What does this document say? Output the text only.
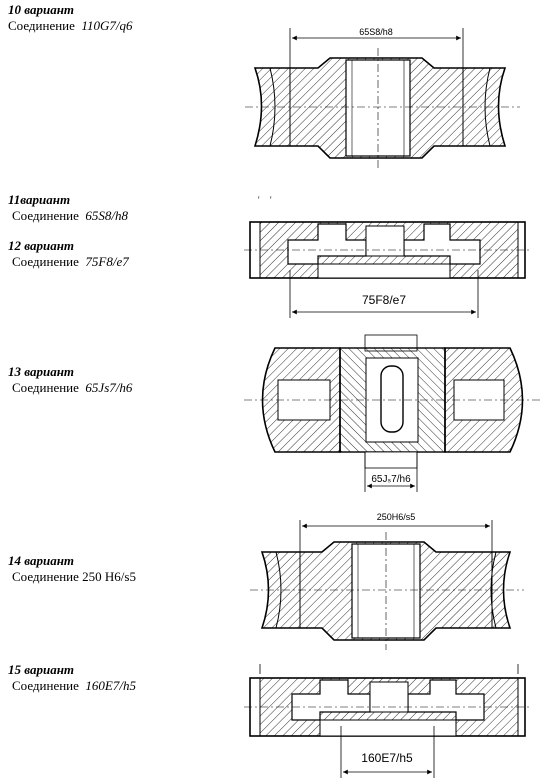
10 вариант
Соединение 110G7/q6
11вариант
Соединение 65S8/h8
12 вариант
Соединение 75F8/e7
13 вариант
Соединение 65Js7/h6
14 вариант
Соединение 250 H6/s5
15 вариант
Соединение 160E7/h5
65S8/h8
' '
75F8/e7
65Jₛ7/h6
250H6/s5
160E7/h5
